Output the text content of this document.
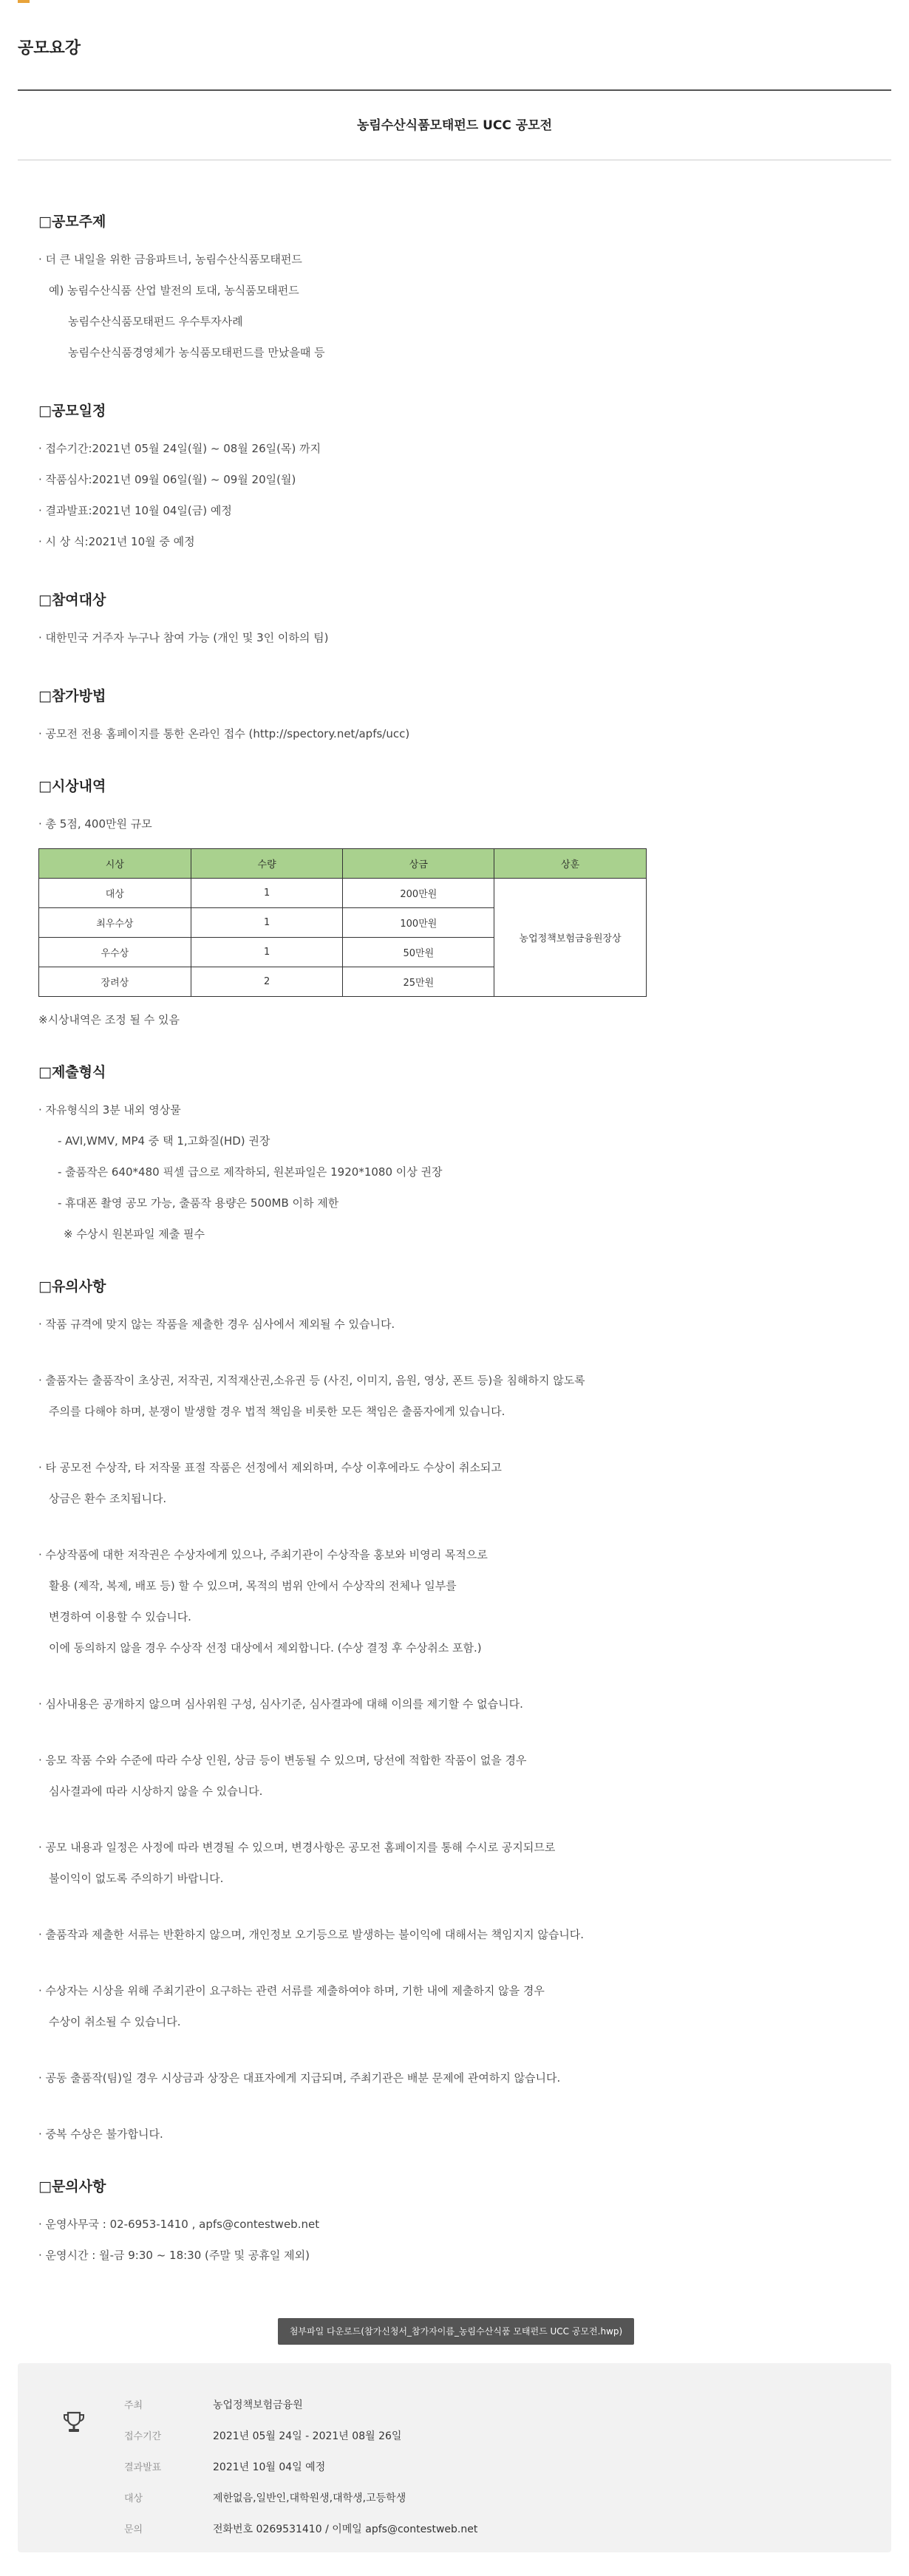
공모요강
농림수산식품모태펀드 UCC 공모전
□공모주제
· 더 큰 내일을 위한 금융파트너, 농림수산식품모태펀드
예) 농림수산식품 산업 발전의 토대, 농식품모태펀드
농림수산식품모태펀드 우수투자사례
농림수산식품경영체가 농식품모태펀드를 만났을때 등
□공모일정
· 접수기간:2021년 05월 24일(월) ~ 08월 26일(목) 까지
· 작품심사:2021년 09월 06일(월) ~ 09월 20일(월)
· 결과발표:2021년 10월 04일(금) 예정
· 시 상 식:2021년 10월 중 예정
□참여대상
· 대한민국 거주자 누구나 참여 가능 (개인 및 3인 이하의 팀)
□참가방법
· 공모전 전용 홈페이지를 통한 온라인 접수 (http://spectory.net/apfs/ucc)
□시상내역
· 총 5점, 400만원 규모
시상	수량	상금	상훈
대상	1	200만원	농업정책보험금융원장상
최우수상	1	100만원	
우수상	1	50만원	
장려상	2	25만원	
※시상내역은 조정 될 수 있음
□제출형식
· 자유형식의 3분 내외 영상물
- AVI,WMV, MP4 중 택 1,고화질(HD) 권장
- 출품작은 640*480 픽셀 급으로 제작하되, 원본파일은 1920*1080 이상 권장
- 휴대폰 촬영 공모 가능, 출품작 용량은 500MB 이하 제한
※ 수상시 원본파일 제출 필수
□유의사항
· 작품 규격에 맞지 않는 작품을 제출한 경우 심사에서 제외될 수 있습니다.
· 출품자는 출품작이 초상권, 저작권, 지적재산권,소유권 등 (사진, 이미지, 음원, 영상, 폰트 등)을 침해하지 않도록
주의를 다해야 하며, 분쟁이 발생할 경우 법적 책임을 비롯한 모든 책임은 출품자에게 있습니다.
· 타 공모전 수상작, 타 저작물 표절 작품은 선정에서 제외하며, 수상 이후에라도 수상이 취소되고
상금은 환수 조치됩니다.
· 수상작품에 대한 저작권은 수상자에게 있으나, 주최기관이 수상작을 홍보와 비영리 목적으로
활용 (제작, 복제, 배포 등) 할 수 있으며, 목적의 범위 안에서 수상작의 전체나 일부를
변경하여 이용할 수 있습니다.
이에 동의하지 않을 경우 수상작 선정 대상에서 제외합니다. (수상 결정 후 수상취소 포함.)
· 심사내용은 공개하지 않으며 심사위원 구성, 심사기준, 심사결과에 대해 이의를 제기할 수 없습니다.
· 응모 작품 수와 수준에 따라 수상 인원, 상금 등이 변동될 수 있으며, 당선에 적합한 작품이 없을 경우
심사결과에 따라 시상하지 않을 수 있습니다.
· 공모 내용과 일정은 사정에 따라 변경될 수 있으며, 변경사항은 공모전 홈페이지를 통해 수시로 공지되므로
불이익이 없도록 주의하기 바랍니다.
· 출품작과 제출한 서류는 반환하지 않으며, 개인정보 오기등으로 발생하는 불이익에 대해서는 책임지지 않습니다.
· 수상자는 시상을 위해 주최기관이 요구하는 관련 서류를 제출하여야 하며, 기한 내에 제출하지 않을 경우
수상이 취소될 수 있습니다.
· 공동 출품작(팀)일 경우 시상금과 상장은 대표자에게 지급되며, 주최기관은 배분 문제에 관여하지 않습니다.
· 중복 수상은 불가합니다.
□문의사항
· 운영사무국 : 02-6953-1410 , apfs@contestweb.net
· 운영시간 : 월-금 9:30 ~ 18:30 (주말 및 공휴일 제외)
첨부파일 다운로드(참가신청서_참가자이름_농림수산식품 모태펀드 UCC 공모전.hwp)
주최	농업정책보험금융원
접수기간	2021년 05월 24일 - 2021년 08월 26일
결과발표	2021년 10월 04일 예정
대상	제한없음,일반인,대학원생,대학생,고등학생
문의	전화번호 0269531410 / 이메일 apfs@contestweb.net
